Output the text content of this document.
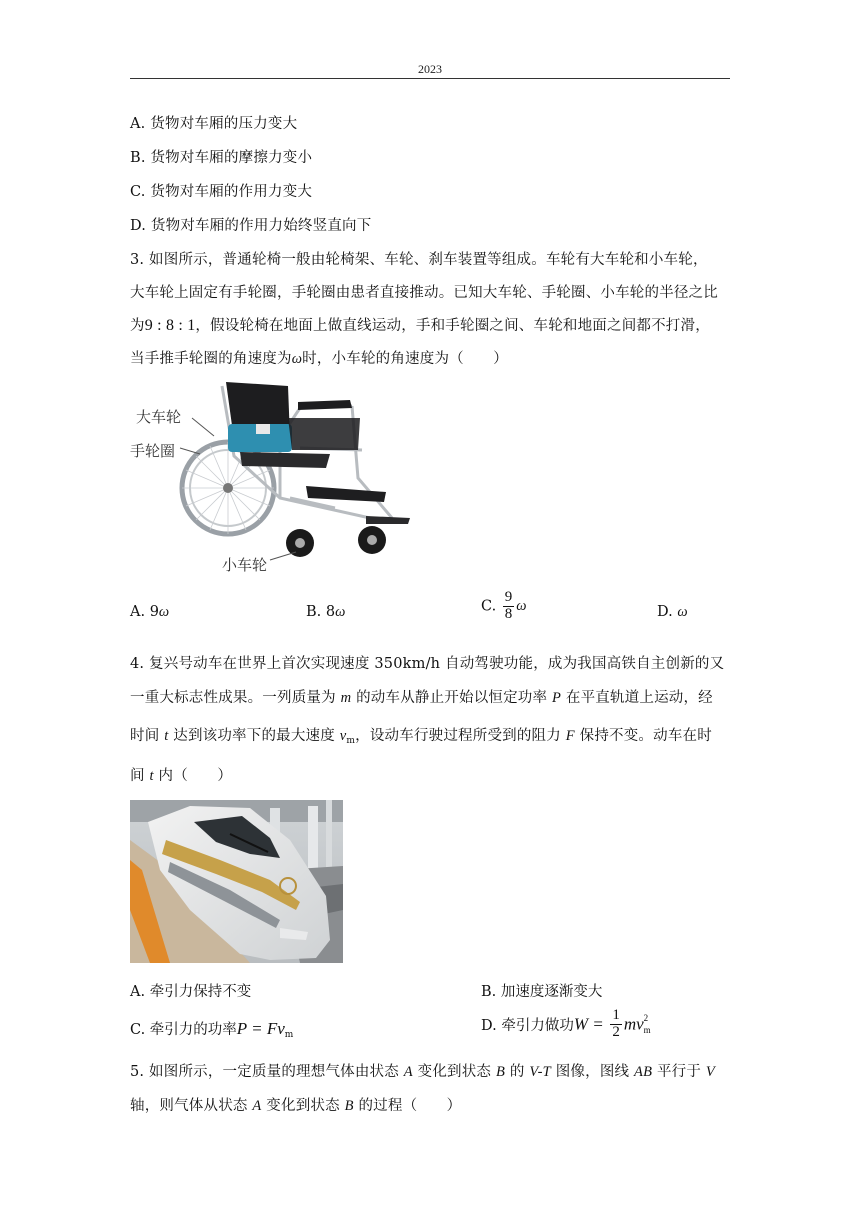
2023
A. 货物对车厢的压力变大
B. 货物对车厢的摩擦力变小
C. 货物对车厢的作用力变大
D. 货物对车厢的作用力始终竖直向下
3. 如图所示，普通轮椅一般由轮椅架、车轮、刹车装置等组成。车轮有大车轮和小车轮，
大车轮上固定有手轮圈，手轮圈由患者直接推动。已知大车轮、手轮圈、小车轮的半径之比
为9 : 8 : 1，假设轮椅在地面上做直线运动，手和手轮圈之间、车轮和地面之间都不打滑，
当手推手轮圈的角速度为ω时，小车轮的角速度为（　　）
大车轮
手轮圈
小车轮
A. 9ω	B. 8ω	C. $\frac{9}{8}$ ω	D. ω
4. 复兴号动车在世界上首次实现速度 350km/h 自动驾驶功能，成为我国高铁自主创新的又
一重大标志性成果。一列质量为 m 的动车从静止开始以恒定功率 P 在平直轨道上运动，经
时间 t 达到该功率下的最大速度 $v_m$，设动车行驶过程所受到的阻力 F 保持不变。动车在时
间 t 内（　　）
A. 牵引力保持不变	B. 加速度逐渐变大
C. 牵引力的功率$P = Fv_m$
D. 牵引力做功$W = \frac{1}{2}$ mv 2
m
5. 如图所示，一定质量的理想气体由状态 A 变化到状态 B 的 V-T 图像，图线 AB 平行于 V
轴，则气体从状态 A 变化到状态 B 的过程（　　）
